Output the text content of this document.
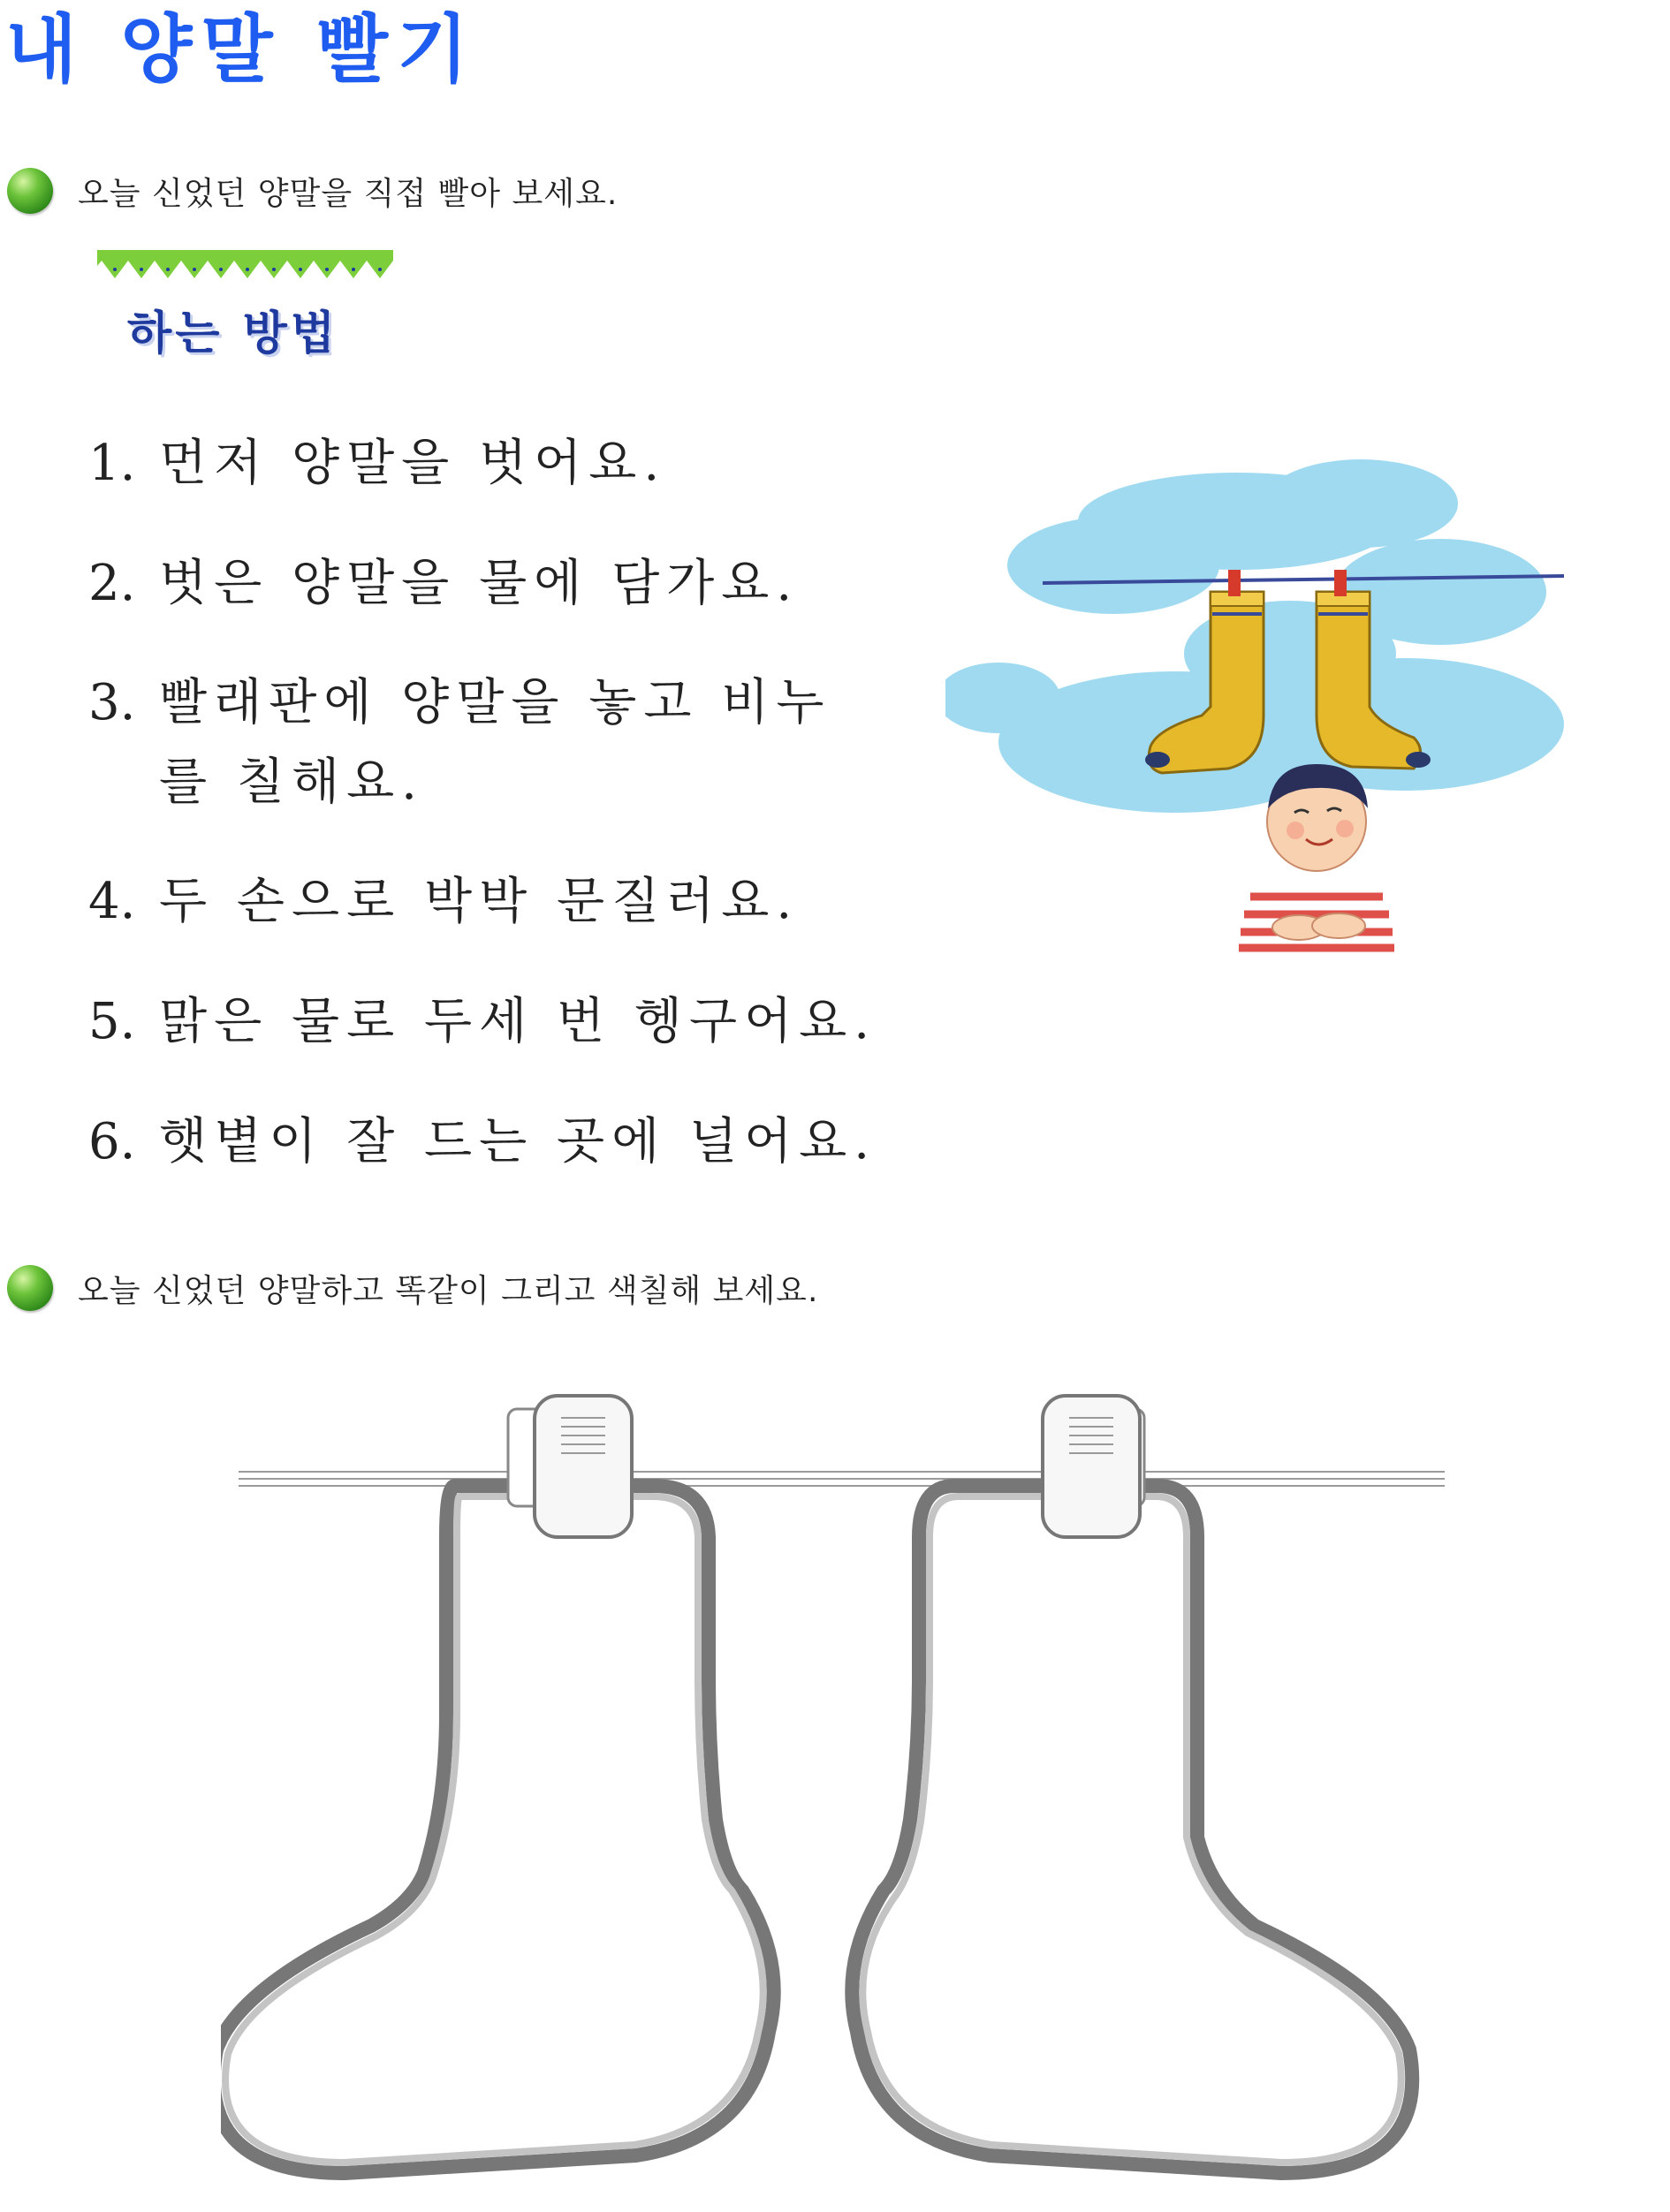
내 양말 빨기
오늘 신었던 양말을 직접 빨아 보세요.
하는 방법
1. 먼저 양말을 벗어요.
2. 벗은 양말을 물에 담가요.
3. 빨래판에 양말을 놓고 비누를 칠해요.
4. 두 손으로 박박 문질러요.
5. 맑은 물로 두세 번 헹구어요.
6. 햇볕이 잘 드는 곳에 널어요.
오늘 신었던 양말하고 똑같이 그리고 색칠해 보세요.
